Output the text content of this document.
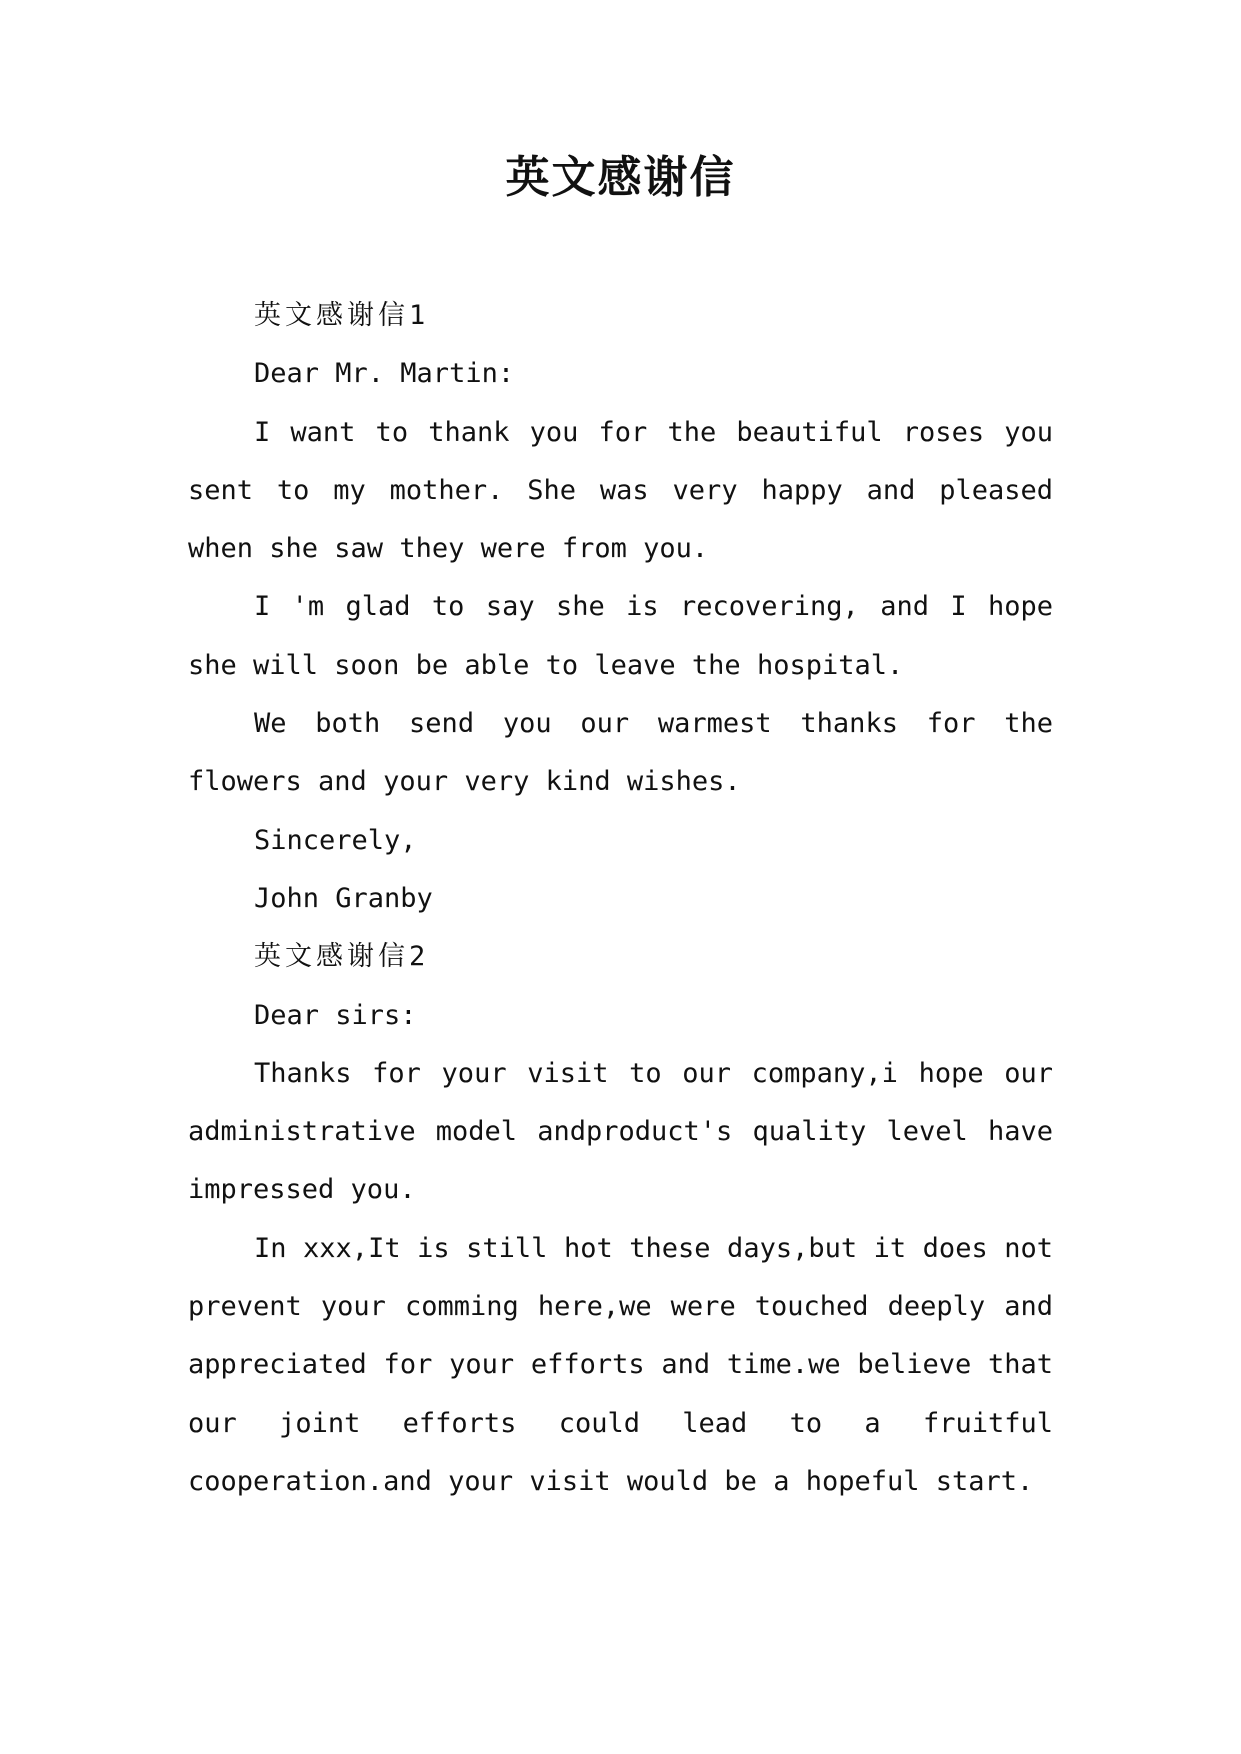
英文感谢信

英文感谢信1

Dear Mr. Martin:

I want to thank you for the beautiful roses you sent to my mother. She was very happy and pleased when she saw they were from you.

I 'm glad to say she is recovering, and I hope she will soon be able to leave the hospital.

We both send you our warmest thanks for the flowers and your very kind wishes.

Sincerely,

John Granby

英文感谢信2

Dear sirs:

Thanks for your visit to our company,i hope our administrative model andproduct's quality level have impressed you.

In xxx,It is still hot these days,but it does not prevent your comming here,we were touched deeply and appreciated for your efforts and time.we believe that our joint efforts could lead to a fruitful cooperation.and your visit would be a hopeful start.
